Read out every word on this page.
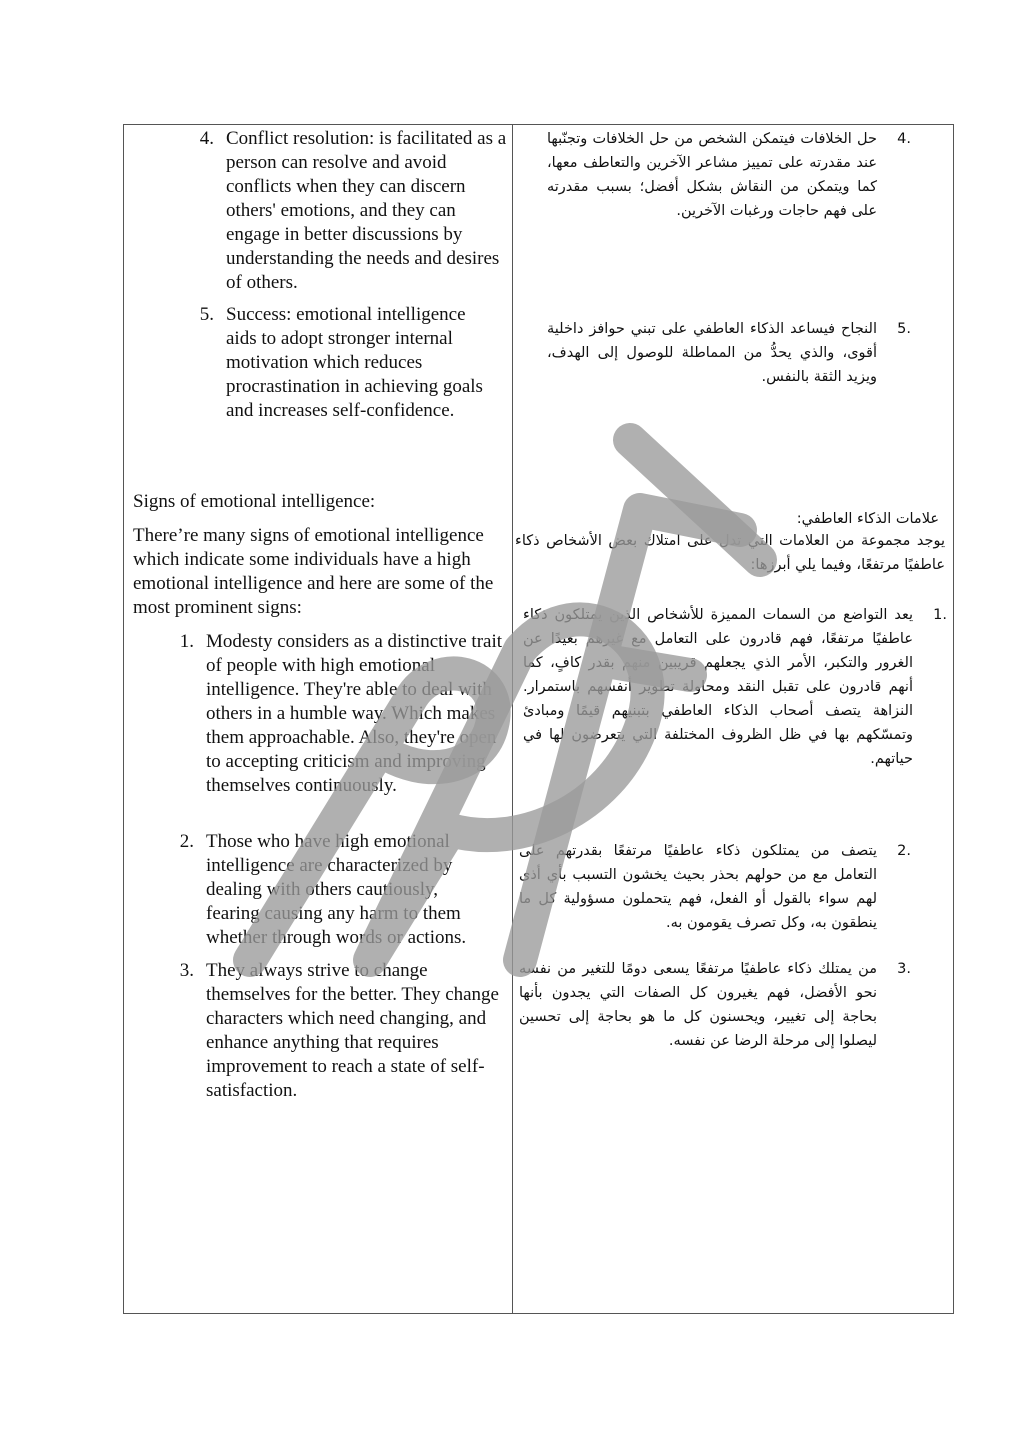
4. Conflict resolution: is facilitated as a person can resolve and avoid conflicts when they can discern others' emotions, and they can engage in better discussions by understanding the needs and desires of others.
5. Success: emotional intelligence aids to adopt stronger internal motivation which reduces procrastination in achieving goals and increases self-confidence.
Signs of emotional intelligence:
There’re many signs of emotional intelligence which indicate some individuals have a high emotional intelligence and here are some of the most prominent signs:
1. Modesty considers as a distinctive trait of people with high emotional intelligence. They're able to deal with others in a humble way. Which makes them approachable. Also, they're open to accepting criticism and improving themselves continuously.
2. Those who have high emotional intelligence are characterized by dealing with others cautiously, fearing causing any harm to them whether through words or actions.
3. They always strive to change themselves for the better. They change characters which need changing, and enhance anything that requires improvement to reach a state of self-satisfaction.
.4
حل الخلافات فيتمكن الشخص من حل الخلافات وتجنّبها عند مقدرته على تمييز مشاعر الآخرين والتعاطف معها، كما ويتمكن من النقاش بشكل أفضل؛ بسبب مقدرته على فهم حاجات ورغبات الآخرين.
.5
النجاح فيساعد الذكاء العاطفي على تبني حوافز داخلية أقوى، والذي يحدُّ من المماطلة للوصول إلى الهدف، ويزيد الثقة بالنفس.
علامات الذكاء العاطفي:
يوجد مجموعة من العلامات التي تدل على امتلاك بعض الأشخاص ذكاء عاطفيًا مرتفعًا، وفيما يلي أبرزها:
.1
يعد التواضع من السمات المميزة للأشخاص الذين يمتلكون ذكاء عاطفيًا مرتفعًا، فهم قادرون على التعامل مع غيرهم بعيدًا عن الغرور والتكبر، الأمر الذي يجعلهم قريبين منهم بقدر كافٍ، كما أنهم قادرون على تقبل النقد ومحاولة تطوير أنفسهم باستمرار. النزاهة يتصف أصحاب الذكاء العاطفي بتبنيهم قيمًا ومبادئ وتمسّكهم بها في ظل الظروف المختلفة التي يتعرضون لها في حياتهم.
.2
يتصف من يمتلكون ذكاء عاطفيًا مرتفعًا بقدرتهم على التعامل مع من حولهم بحذر بحيث يخشون التسبب بأي أذى لهم سواء بالقول أو الفعل، فهم يتحملون مسؤولية كل ما ينطقون به، وكل تصرف يقومون به.
.3
من يمتلك ذكاء عاطفيًا مرتفعًا يسعى دومًا للتغير من نفسه نحو الأفضل، فهم يغيرون كل الصفات التي يجدون بأنها بحاجة إلى تغيير، ويحسنون كل ما هو بحاجة إلى تحسين ليصلوا إلى مرحلة الرضا عن نفسه.
